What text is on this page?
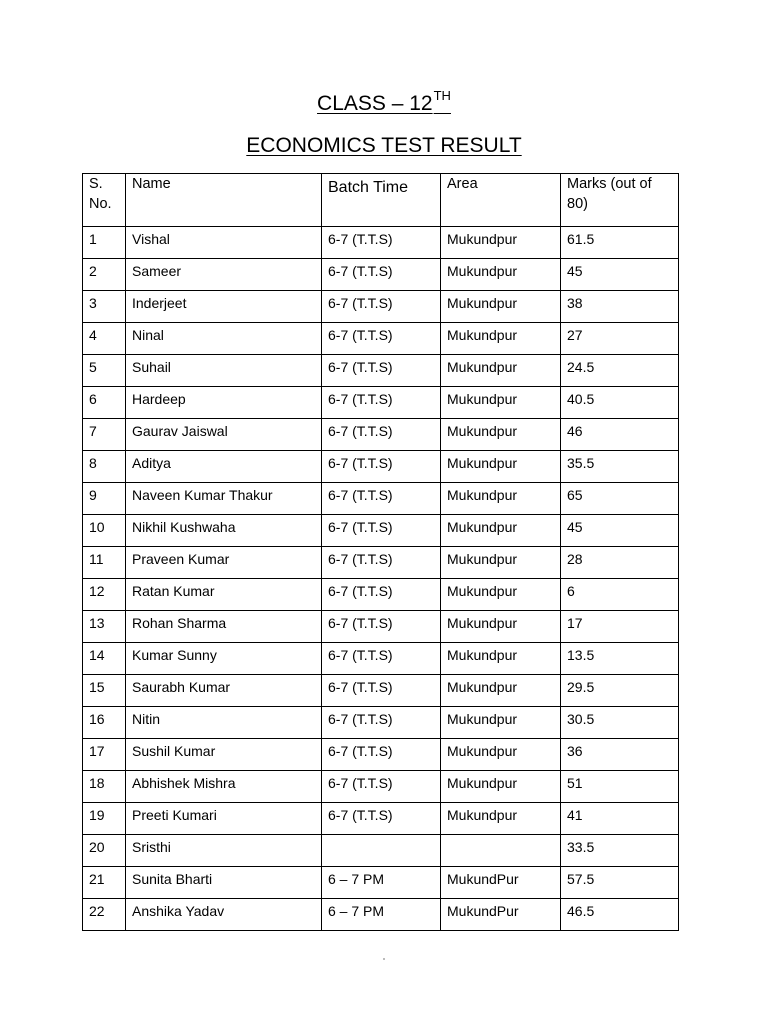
CLASS – 12TH
ECONOMICS TEST RESULT
S. No.	Name	Batch Time	Area	Marks (out of 80)
1	Vishal	6-7 (T.T.S)	Mukundpur	61.5
2	Sameer	6-7 (T.T.S)	Mukundpur	45
3	Inderjeet	6-7 (T.T.S)	Mukundpur	38
4	Ninal	6-7 (T.T.S)	Mukundpur	27
5	Suhail	6-7 (T.T.S)	Mukundpur	24.5
6	Hardeep	6-7 (T.T.S)	Mukundpur	40.5
7	Gaurav Jaiswal	6-7 (T.T.S)	Mukundpur	46
8	Aditya	6-7 (T.T.S)	Mukundpur	35.5
9	Naveen Kumar Thakur	6-7 (T.T.S)	Mukundpur	65
10	Nikhil Kushwaha	6-7 (T.T.S)	Mukundpur	45
11	Praveen Kumar	6-7 (T.T.S)	Mukundpur	28
12	Ratan Kumar	6-7 (T.T.S)	Mukundpur	6
13	Rohan Sharma	6-7 (T.T.S)	Mukundpur	17
14	Kumar Sunny	6-7 (T.T.S)	Mukundpur	13.5
15	Saurabh Kumar	6-7 (T.T.S)	Mukundpur	29.5
16	Nitin	6-7 (T.T.S)	Mukundpur	30.5
17	Sushil Kumar	6-7 (T.T.S)	Mukundpur	36
18	Abhishek Mishra	6-7 (T.T.S)	Mukundpur	51
19	Preeti Kumari	6-7 (T.T.S)	Mukundpur	41
20	Sristhi			33.5
21	Sunita Bharti	6 – 7 PM	MukundPur	57.5
22	Anshika Yadav	6 – 7 PM	MukundPur	46.5
